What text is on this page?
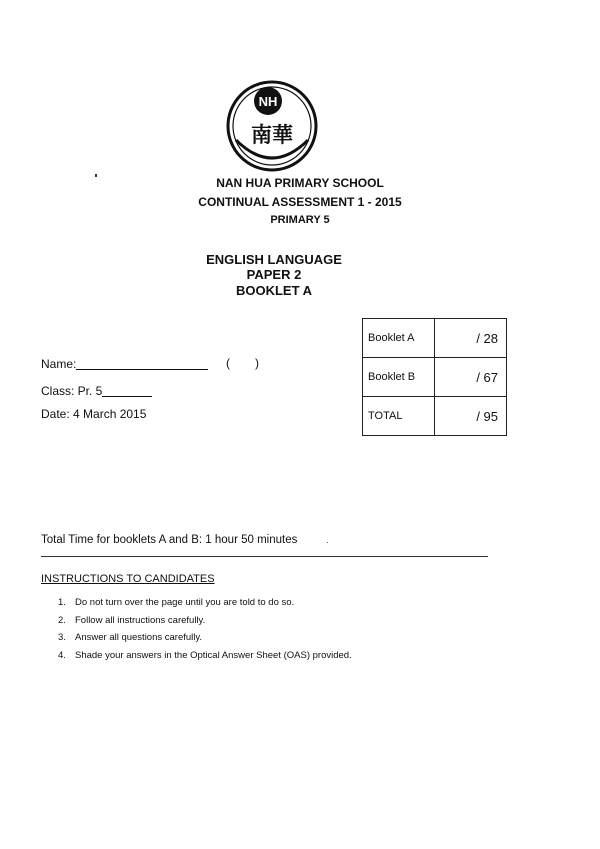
NH
南華
NAN HUA PRIMARY SCHOOL
CONTINUAL ASSESSMENT 1 - 2015
PRIMARY 5
ENGLISH LANGUAGE
PAPER 2
BOOKLET A
Name:	( )
Class: Pr. 5
Date: 4 March 2015
Booklet A	/ 28
Booklet B	/ 67
TOTAL	/ 95
Total Time for booklets A and B: 1 hour 50 minutes
INSTRUCTIONS TO CANDIDATES
1. Do not turn over the page until you are told to do so.
2. Follow all instructions carefully.
3. Answer all questions carefully.
4. Shade your answers in the Optical Answer Sheet (OAS) provided.
